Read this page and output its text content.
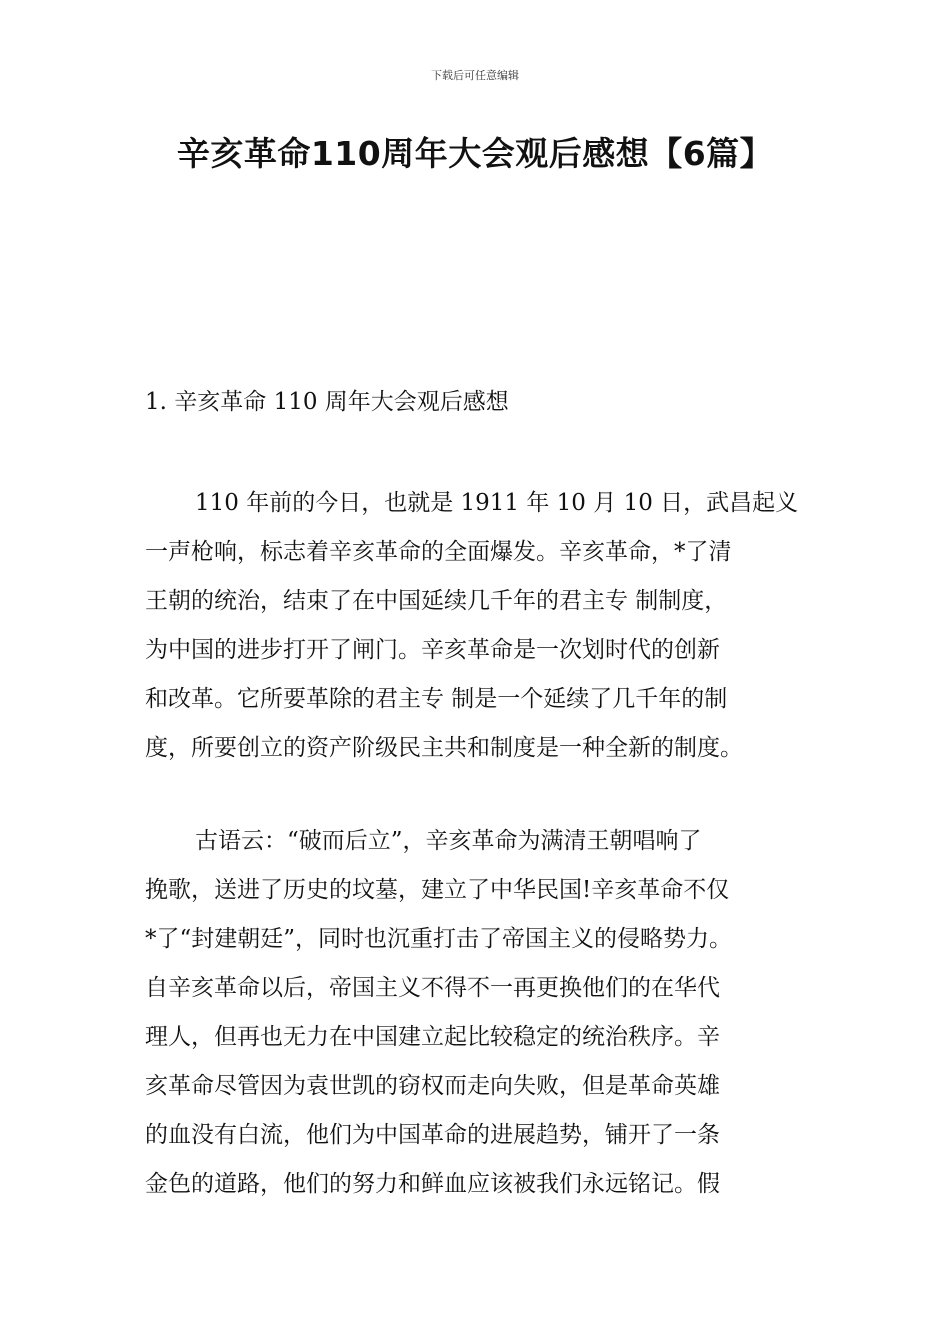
下载后可任意编辑
辛亥革命110周年大会观后感想【6篇】
1. 辛亥革命 110 周年大会观后感想
110 年前的今日，也就是 1911 年 10 月 10 日，武昌起义
一声枪响，标志着辛亥革命的全面爆发。辛亥革命，*了清
王朝的统治，结束了在中国延续几千年的君主专 制制度，
为中国的进步打开了闸门。辛亥革命是一次划时代的创新
和改革。它所要革除的君主专 制是一个延续了几千年的制
度，所要创立的资产阶级民主共和制度是一种全新的制度。
古语云：“破而后立”，辛亥革命为满清王朝唱响了
挽歌，送进了历史的坟墓，建立了中华民国!辛亥革命不仅
*了“封建朝廷”，同时也沉重打击了帝国主义的侵略势力。
自辛亥革命以后，帝国主义不得不一再更换他们的在华代
理人，但再也无力在中国建立起比较稳定的统治秩序。辛
亥革命尽管因为袁世凯的窃权而走向失败，但是革命英雄
的血没有白流，他们为中国革命的进展趋势，铺开了一条
金色的道路，他们的努力和鲜血应该被我们永远铭记。假
